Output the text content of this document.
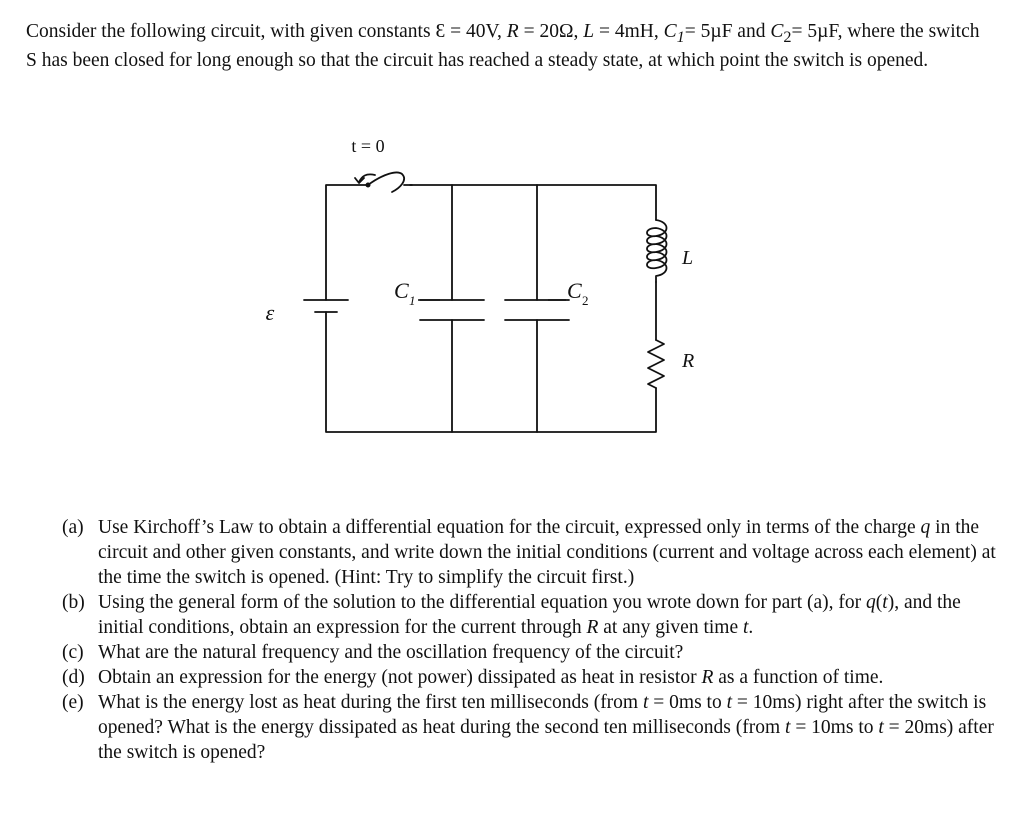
Consider the following circuit, with given constants Ɛ = 40V, R = 20Ω, L = 4mH, $C_1= 5\mu F$ and $C_2= 5\mu F$, where the switch S has been closed for long enough so that the circuit has reached a steady state, at which point the switch is opened.

t = 0
ɛ
C 1	C 2
L
R
(a) Use Kirchoff’s Law to obtain a differential equation for the circuit, expressed only in terms of the charge q in the circuit and other given constants, and write down the initial conditions (current and voltage across each element) at the time the switch is opened. (Hint: Try to simplify the circuit first.)
(b) Using the general form of the solution to the differential equation you wrote down for part (a), for q(t), and the initial conditions, obtain an expression for the current through R at any given time t.
(c) What are the natural frequency and the oscillation frequency of the circuit?
(d) Obtain an expression for the energy (not power) dissipated as heat in resistor R as a function of time.
(e) What is the energy lost as heat during the first ten milliseconds (from t = 0ms to t = 10ms) right after the switch is opened? What is the energy dissipated as heat during the second ten milliseconds (from t = 10ms to t = 20ms) after the switch is opened?
